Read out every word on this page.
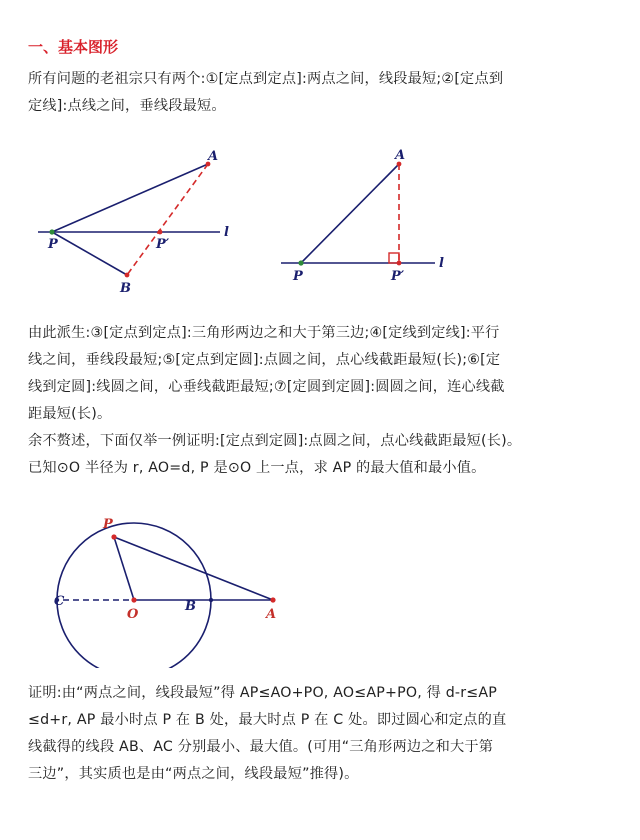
一、基本图形
所有问题的老祖宗只有两个:①[定点到定点]:两点之间，线段最短;②[定点到
定线]:点线之间，垂线段最短。
A
P	P′
B
l
A
P	P′
l
由此派生:③[定点到定点]:三角形两边之和大于第三边;④[定线到定线]:平行
线之间，垂线段最短;⑤[定点到定圆]:点圆之间，点心线截距最短(长);⑥[定
线到定圆]:线圆之间，心垂线截距最短;⑦[定圆到定圆]:圆圆之间，连心线截
距最短(长)。
余不赘述，下面仅举一例证明:[定点到定圆]:点圆之间，点心线截距最短(长)。
已知⊙O 半径为 r, AO=d, P 是⊙O 上一点，求 AP 的最大值和最小值。
P
C
O
B
A
证明:由“两点之间，线段最短”得 AP≤AO+PO, AO≤AP+PO, 得 d-r≤AP
≤d+r, AP 最小时点 P 在 B 处，最大时点 P 在 C 处。即过圆心和定点的直
线截得的线段 AB、AC 分别最小、最大值。(可用“三角形两边之和大于第
三边”，其实质也是由“两点之间，线段最短”推得)。
